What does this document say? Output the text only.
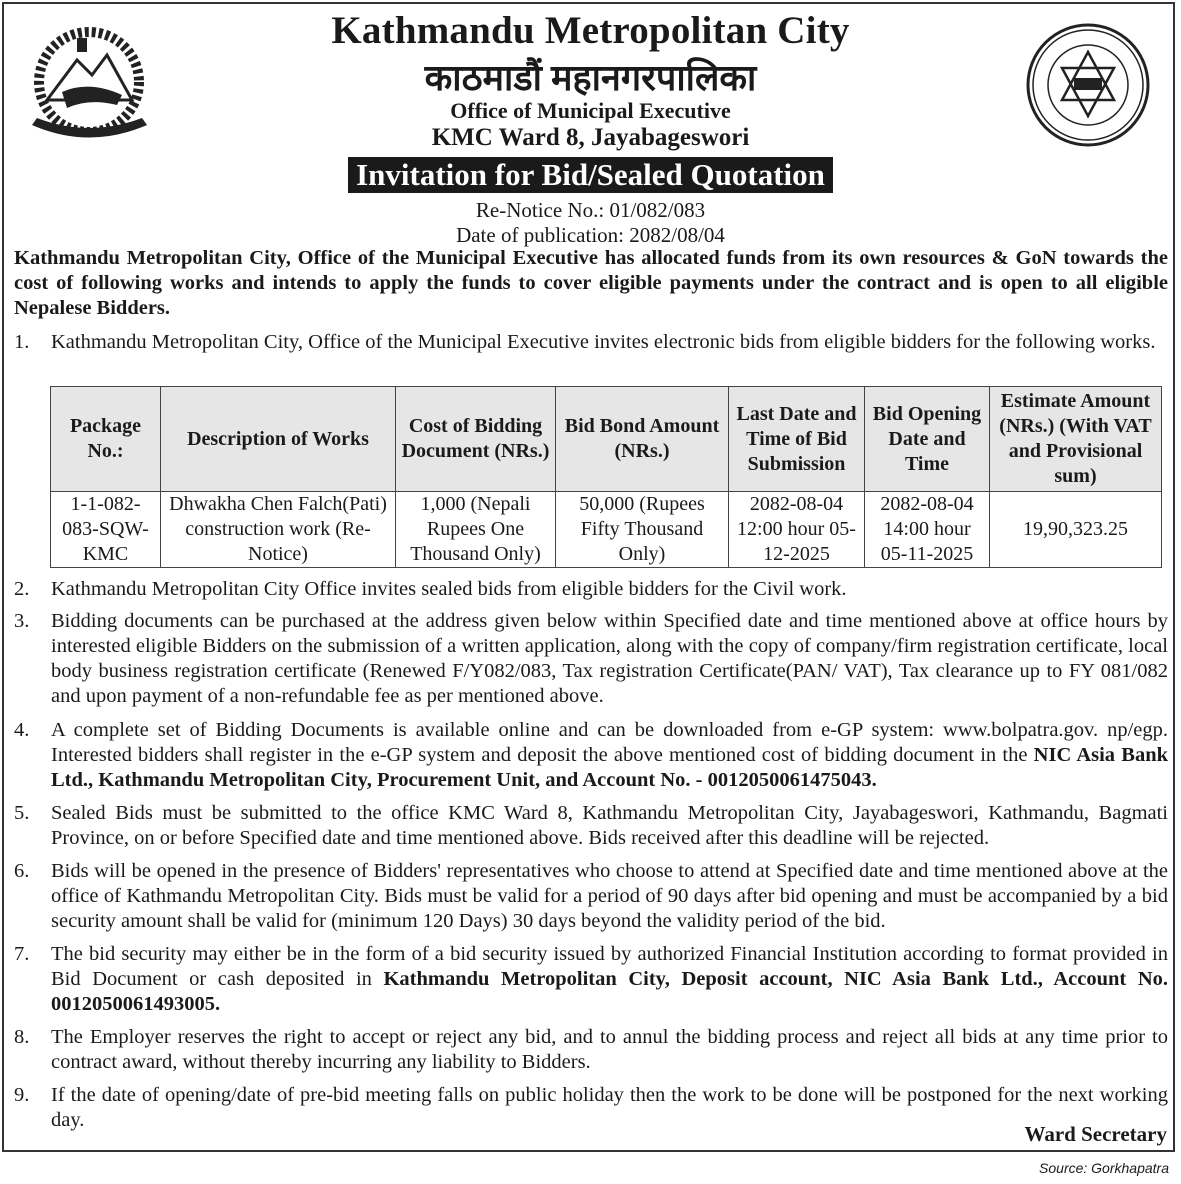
Kathmandu Metropolitan City
काठमाडौं महानगरपालिका
Office of Municipal Executive
KMC Ward 8, Jayabageswori
Invitation for Bid/Sealed Quotation
Re-Notice No.: 01/082/083
Date of publication: 2082/08/04
Kathmandu Metropolitan City, Office of the Municipal Executive has allocated funds from its own resources & GoN towards the cost of following works and intends to apply the funds to cover eligible payments under the contract and is open to all eligible Nepalese Bidders.
1.	Kathmandu Metropolitan City, Office of the Municipal Executive invites electronic bids from eligible bidders for the following works.
Package No.:	Description of Works	Cost of Bidding Document (NRs.)	Bid Bond Amount (NRs.)	Last Date and Time of Bid Submission	Bid Opening Date and Time	Estimate Amount (NRs.) (With VAT and Provisional sum)
1-1-082-083-SQW-KMC	Dhwakha Chen Falch(Pati) construction work (Re-Notice)	1,000 (Nepali Rupees One Thousand Only)	50,000 (Rupees Fifty Thousand Only)	2082-08-04 12:00 hour 05-12-2025	2082-08-04 14:00 hour 05-11-2025	19,90,323.25
2.	Kathmandu Metropolitan City Office invites sealed bids from eligible bidders for the Civil work.
3.	Bidding documents can be purchased at the address given below within Specified date and time mentioned above at office hours by interested eligible Bidders on the submission of a written application, along with the copy of company/firm registration certificate, local body business registration certificate (Renewed F/Y082/083, Tax registration Certificate(PAN/ VAT), Tax clearance up to FY 081/082 and upon payment of a non-refundable fee as per mentioned above.
4.	A complete set of Bidding Documents is available online and can be downloaded from e-GP system: www.bolpatra.gov. np/egp. Interested bidders shall register in the e-GP system and deposit the above mentioned cost of bidding document in the NIC Asia Bank Ltd., Kathmandu Metropolitan City, Procurement Unit, and Account No. - 0012050061475043.
5.	Sealed Bids must be submitted to the office KMC Ward 8, Kathmandu Metropolitan City, Jayabageswori, Kathmandu, Bagmati Province, on or before Specified date and time mentioned above. Bids received after this deadline will be rejected.
6.	Bids will be opened in the presence of Bidders' representatives who choose to attend at Specified date and time mentioned above at the office of Kathmandu Metropolitan City. Bids must be valid for a period of 90 days after bid opening and must be accompanied by a bid security amount shall be valid for (minimum 120 Days) 30 days beyond the validity period of the bid.
7.	The bid security may either be in the form of a bid security issued by authorized Financial Institution according to format provided in Bid Document or cash deposited in Kathmandu Metropolitan City, Deposit account, NIC Asia Bank Ltd., Account No. 0012050061493005.
8.	The Employer reserves the right to accept or reject any bid, and to annul the bidding process and reject all bids at any time prior to contract award, without thereby incurring any liability to Bidders.
9.	If the date of opening/date of pre-bid meeting falls on public holiday then the work to be done will be postponed for the next working day.
Ward Secretary
Source: Gorkhapatra
